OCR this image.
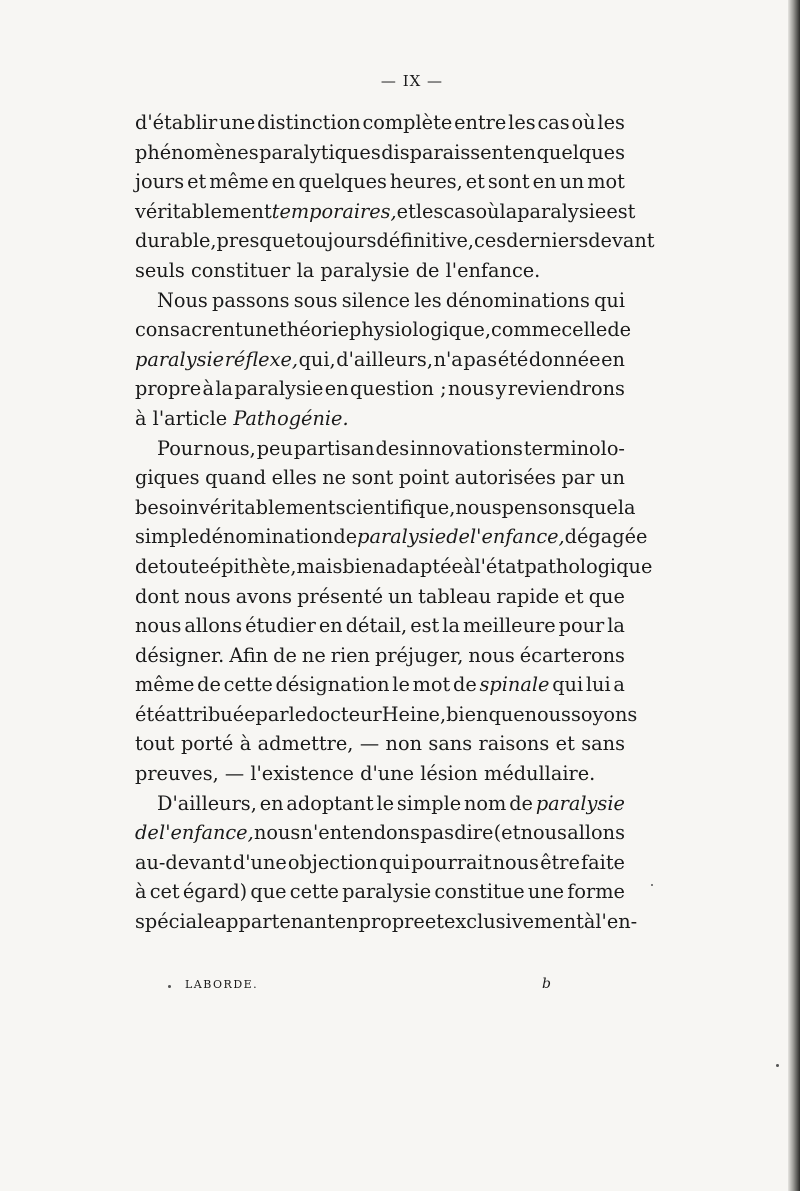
— IX —
d'établir une distinction complète entre les cas où les
phénomènes paralytiques disparaissent en quelques
jours et même en quelques heures, et sont en un mot
véritablement temporaires, et les cas où la paralysie est
durable, presque toujours définitive, ces derniers devant
seuls constituer la paralysie de l'enfance.
Nous passons sous silence les dénominations qui
consacrent une théorie physiologique, comme celle de
paralysie réflexe, qui, d'ailleurs, n'a pas été donnée en
propre à la paralysie en question ; nous y reviendrons
à l'article Pathogénie.
Pour nous, peu partisan des innovations terminolo-
giques quand elles ne sont point autorisées par un
besoin véritablement scientifique, nous pensons que la
simple dénomination de paralysie de l'enfance, dégagée
de toute épithète, mais bien adaptée à l'état pathologique
dont nous avons présenté un tableau rapide et que
nous allons étudier en détail, est la meilleure pour la
désigner. Afin de ne rien préjuger, nous écarterons
même de cette désignation le mot de spinale qui lui a
été attribuée par le docteur Heine, bien que nous soyons
tout porté à admettre, — non sans raisons et sans
preuves, — l'existence d'une lésion médullaire.
D'ailleurs, en adoptant le simple nom de paralysie
de l'enfance, nous n'entendons pas dire (et nous allons
au-devant d'une objection qui pourrait nous être faite
à cet égard) que cette paralysie constitue une forme
spéciale appartenant en propre et exclusivement à l'en-
LABORDE.	b
